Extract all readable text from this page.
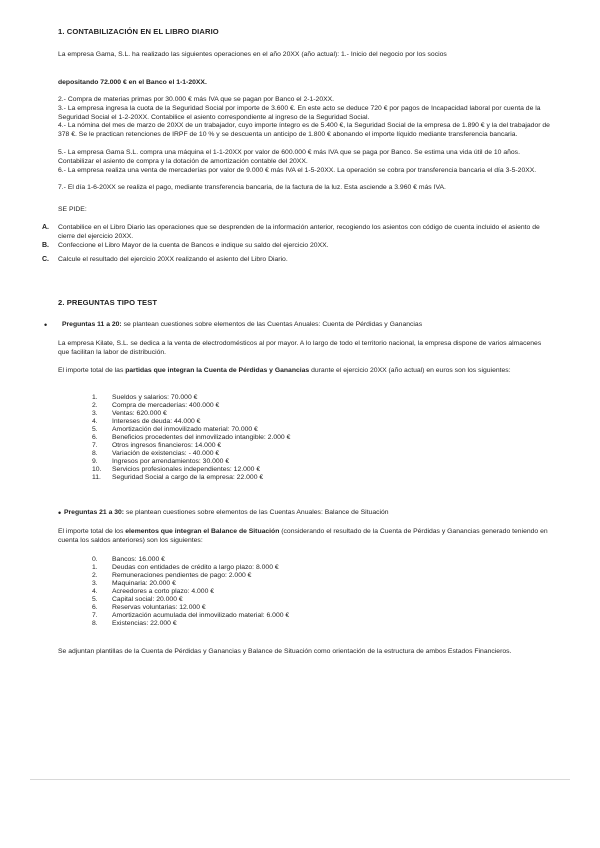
1. CONTABILIZACIÓN EN EL LIBRO DIARIO
La empresa Gama, S.L. ha realizado las siguientes operaciones en el año 20XX (año actual): 1.- Inicio del negocio por los socios
depositando 72.000 € en el Banco el 1-1-20XX.
2.- Compra de materias primas por 30.000 € más IVA que se pagan por Banco el 2-1-20XX.
3.- La empresa ingresa la cuota de la Seguridad Social por importe de 3.600 €. En este acto se deduce 720 € por pagos de Incapacidad laboral por cuenta de la Seguridad Social el 1-2-20XX. Contabilice el asiento correspondiente al ingreso de la Seguridad Social.
4.- La nómina del mes de marzo de 20XX de un trabajador, cuyo importe íntegro es de 5.400 €, la Seguridad Social de la empresa de 1.890 € y la del trabajador de 378 €. Se le practican retenciones de IRPF de 10 % y se descuenta un anticipo de 1.800 € abonando el importe líquido mediante transferencia bancaria.
5.- La empresa Gama S.L. compra una máquina el 1-1-20XX por valor de 600.000 € más IVA que se paga por Banco. Se estima una vida útil de 10 años. Contabilizar el asiento de compra y la dotación de amortización contable del 20XX.
6.- La empresa realiza una venta de mercaderías por valor de 9.000 € más IVA el 1-5-20XX. La operación se cobra por transferencia bancaria el día 3-5-20XX.
7.- El día 1-6-20XX se realiza el pago, mediante transferencia bancaria, de la factura de la luz. Esta asciende a 3.960 € más IVA.
SE PIDE:
A. Contabilice en el Libro Diario las operaciones que se desprenden de la información anterior, recogiendo los asientos con código de cuenta incluido el asiento de cierre del ejercicio 20XX.
B. Confeccione el Libro Mayor de la cuenta de Bancos e indique su saldo del ejercicio 20XX.
C. Calcule el resultado del ejercicio 20XX realizando el asiento del Libro Diario.
2. PREGUNTAS TIPO TEST
• Preguntas 11 a 20: se plantean cuestiones sobre elementos de las Cuentas Anuales: Cuenta de Pérdidas y Ganancias
La empresa Kilate, S.L. se dedica a la venta de electrodomésticos al por mayor. A lo largo de todo el territorio nacional, la empresa dispone de varios almacenes que facilitan la labor de distribución.
El importe total de las partidas que integran la Cuenta de Pérdidas y Ganancias durante el ejercicio 20XX (año actual) en euros son los siguientes:
1.	Sueldos y salarios: 70.000 €
2.	Compra de mercaderías: 400.000 €
3.	Ventas: 620.000 €
4.	Intereses de deuda: 44.000 €
5.	Amortización del inmovilizado material: 70.000 €
6.	Beneficios procedentes del inmovilizado intangible: 2.000 €
7.	Otros ingresos financieros: 14.000 €
8.	Variación de existencias: - 40.000 €
9.	Ingresos por arrendamientos: 30.000 €
10.	Servicios profesionales independientes: 12.000 €
11.	Seguridad Social a cargo de la empresa: 22.000 €
• Preguntas 21 a 30: se plantean cuestiones sobre elementos de las Cuentas Anuales: Balance de Situación
El importe total de los elementos que integran el Balance de Situación (considerando el resultado de la Cuenta de Pérdidas y Ganancias generado teniendo en cuenta los saldos anteriores) son los siguientes:
0.	Bancos: 16.000 €
1.	Deudas con entidades de crédito a largo plazo: 8.000 €
2.	Remuneraciones pendientes de pago: 2.000 €
3.	Maquinaria: 20.000 €
4.	Acreedores a corto plazo: 4.000 €
5.	Capital social: 20.000 €
6.	Reservas voluntarias: 12.000 €
7.	Amortización acumulada del inmovilizado material: 6.000 €
8.	Existencias: 22.000 €
Se adjuntan plantillas de la Cuenta de Pérdidas y Ganancias y Balance de Situación como orientación de la estructura de ambos Estados Financieros.
